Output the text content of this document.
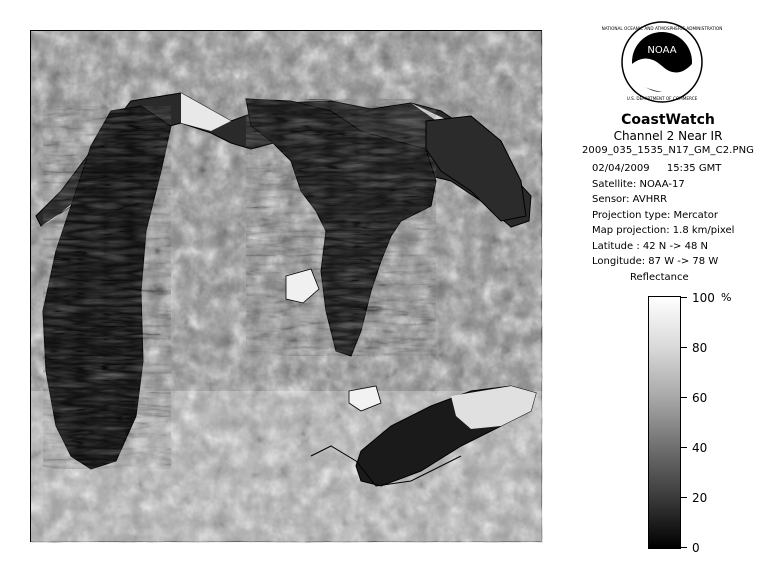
NOAA
NATIONAL OCEANIC AND ATMOSPHERIC ADMINISTRATION
U.S. DEPARTMENT OF COMMERCE
CoastWatch
Channel 2 Near IR
2009_035_1535_N17_GM_C2.PNG
02/04/2009 15:35 GMT
Satellite: NOAA-17
Sensor: AVHRR
Projection type: Mercator
Map projection: 1.8 km/pixel
Latitude : 42 N -> 48 N
Longitude: 87 W -> 78 W
Reflectance
%
100
80
60
40
20
0
